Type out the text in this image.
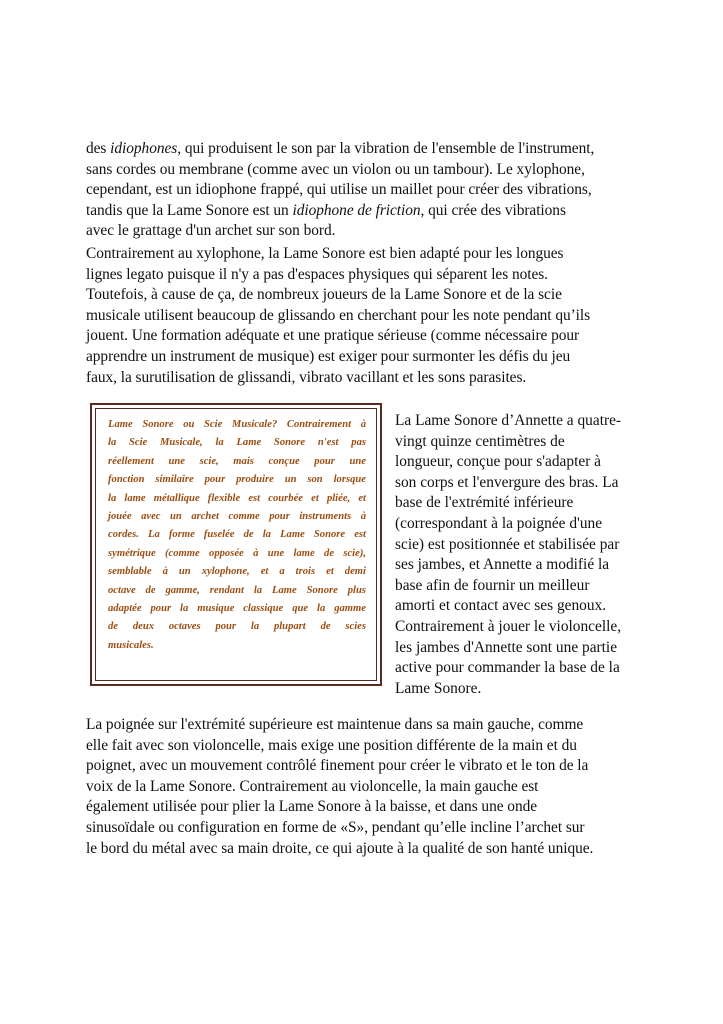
des idiophones, qui produisent le son par la vibration de l'ensemble de l'instrument,
sans cordes ou membrane (comme avec un violon ou un tambour). Le xylophone,
cependant, est un idiophone frappé, qui utilise un maillet pour créer des vibrations,
tandis que la Lame Sonore est un idiophone de friction, qui crée des vibrations
avec le grattage d'un archet sur son bord.
Contrairement au xylophone, la Lame Sonore est bien adapté pour les longues
lignes legato puisque il n'y a pas d'espaces physiques qui séparent les notes.
Toutefois, à cause de ça, de nombreux joueurs de la Lame Sonore et de la scie
musicale utilisent beaucoup de glissando en cherchant pour les note pendant qu’ils
jouent. Une formation adéquate et une pratique sérieuse (comme nécessaire pour
apprendre un instrument de musique) est exiger pour surmonter les défis du jeu
faux, la surutilisation de glissandi, vibrato vacillant et les sons parasites.
Lame Sonore ou Scie Musicale? Contrairement à
la Scie Musicale, la Lame Sonore n'est pas
réellement une scie, mais conçue pour une
fonction similaire pour produire un son lorsque
la lame métallique flexible est courbée et pliée, et
jouée avec un archet comme pour instruments à
cordes. La forme fuselée de la Lame Sonore est
symétrique (comme opposée à une lame de scie),
semblable à un xylophone, et a trois et demi
octave de gamme, rendant la Lame Sonore plus
adaptée pour la musique classique que la gamme
de deux octaves pour la plupart de scies
musicales.
La Lame Sonore d’Annette a quatre-
vingt quinze centimètres de
longueur, conçue pour s'adapter à
son corps et l'envergure des bras. La
base de l'extrémité inférieure
(correspondant à la poignée d'une
scie) est positionnée et stabilisée par
ses jambes, et Annette a modifié la
base afin de fournir un meilleur
amorti et contact avec ses genoux.
Contrairement à jouer le violoncelle,
les jambes d'Annette sont une partie
active pour commander la base de la
Lame Sonore.
La poignée sur l'extrémité supérieure est maintenue dans sa main gauche, comme
elle fait avec son violoncelle, mais exige une position différente de la main et du
poignet, avec un mouvement contrôlé finement pour créer le vibrato et le ton de la
voix de la Lame Sonore. Contrairement au violoncelle, la main gauche est
également utilisée pour plier la Lame Sonore à la baisse, et dans une onde
sinusoïdale ou configuration en forme de «S», pendant qu’elle incline l’archet sur
le bord du métal avec sa main droite, ce qui ajoute à la qualité de son hanté unique.
